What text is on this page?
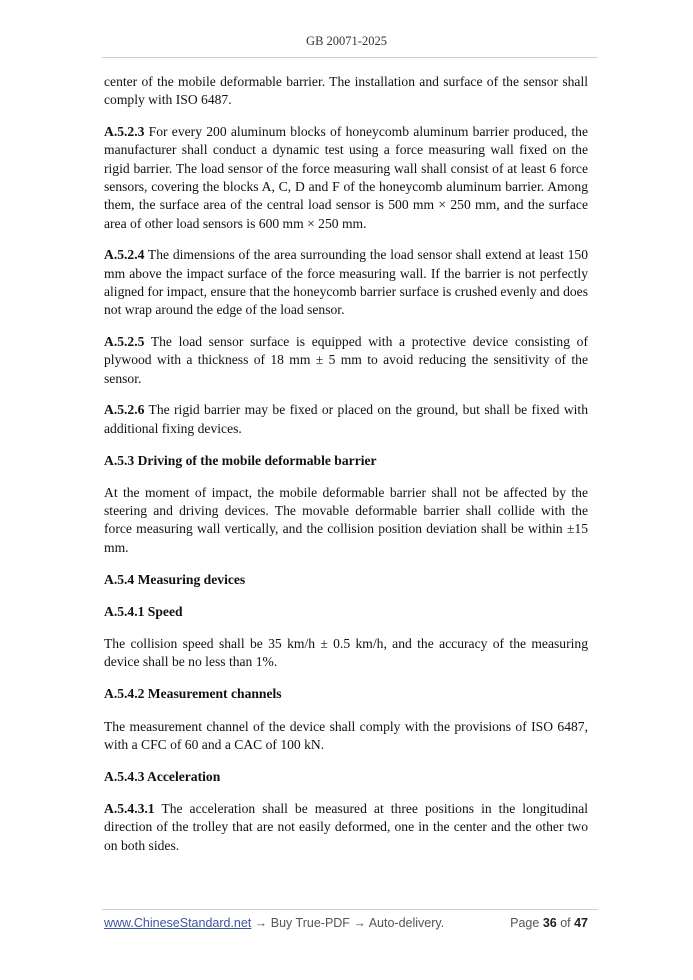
GB 20071-2025

center of the mobile deformable barrier. The installation and surface of the sensor shall comply with ISO 6487.

A.5.2.3 For every 200 aluminum blocks of honeycomb aluminum barrier produced, the manufacturer shall conduct a dynamic test using a force measuring wall fixed on the rigid barrier. The load sensor of the force measuring wall shall consist of at least 6 force sensors, covering the blocks A, C, D and F of the honeycomb aluminum barrier. Among them, the surface area of the central load sensor is 500 mm × 250 mm, and the surface area of other load sensors is 600 mm × 250 mm.

A.5.2.4 The dimensions of the area surrounding the load sensor shall extend at least 150 mm above the impact surface of the force measuring wall. If the barrier is not perfectly aligned for impact, ensure that the honeycomb barrier surface is crushed evenly and does not wrap around the edge of the load sensor.

A.5.2.5 The load sensor surface is equipped with a protective device consisting of plywood with a thickness of 18 mm ± 5 mm to avoid reducing the sensitivity of the sensor.

A.5.2.6 The rigid barrier may be fixed or placed on the ground, but shall be fixed with additional fixing devices.

A.5.3 Driving of the mobile deformable barrier

At the moment of impact, the mobile deformable barrier shall not be affected by the steering and driving devices. The movable deformable barrier shall collide with the force measuring wall vertically, and the collision position deviation shall be within ±15 mm.

A.5.4 Measuring devices
A.5.4.1 Speed

The collision speed shall be 35 km/h ± 0.5 km/h, and the accuracy of the measuring device shall be no less than 1%.

A.5.4.2 Measurement channels

The measurement channel of the device shall comply with the provisions of ISO 6487, with a CFC of 60 and a CAC of 100 kN.

A.5.4.3 Acceleration

A.5.4.3.1 The acceleration shall be measured at three positions in the longitudinal direction of the trolley that are not easily deformed, one in the center and the other two on both sides.

www.ChineseStandard.net → Buy True-PDF → Auto-delivery.	Page 36 of 47
